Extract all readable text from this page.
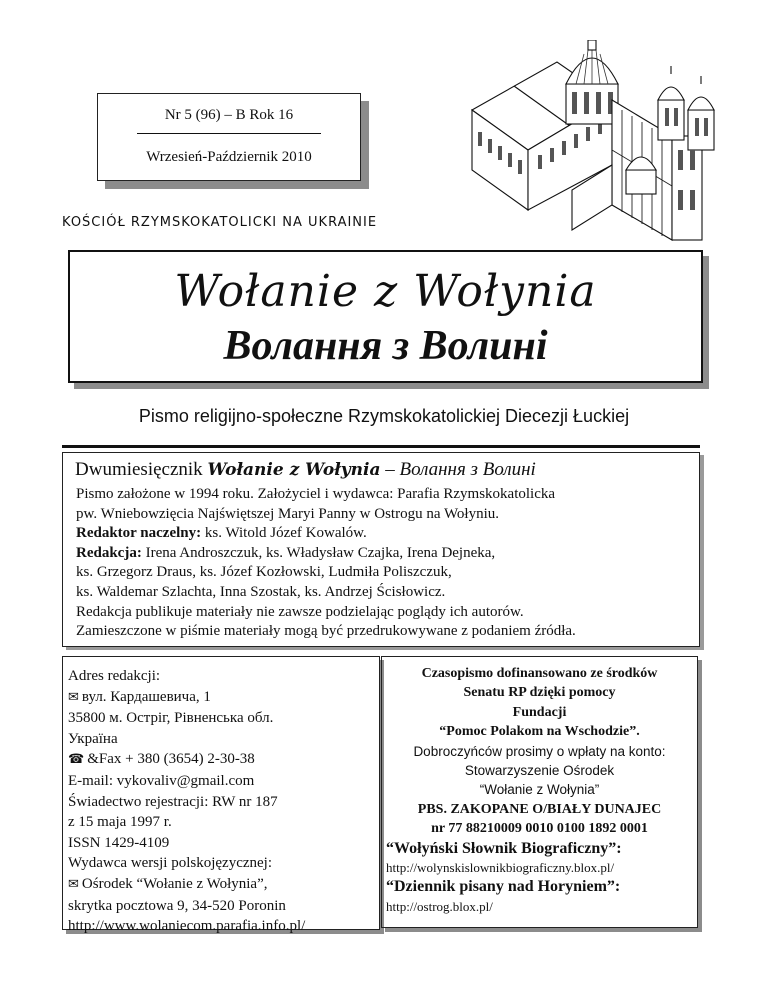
Nr 5 (96) – B Rok 16
Wrzesień-Październik 2010
KOŚCIÓŁ RZYMSKOKATOLICKI NA UKRAINIE
Wołanie z Wołynia
Волання з Волині
Pismo religijno-społeczne Rzymskokatolickiej Diecezji Łuckiej
Dwumiesięcznik Wołanie z Wołynia – Волання з Волині
Pismo założone w 1994 roku. Założyciel i wydawca: Parafia Rzymskokatolicka
pw. Wniebowzięcia Najświętszej Maryi Panny w Ostrogu na Wołyniu.
Redaktor naczelny: ks. Witold Józef Kowalów.
Redakcja: Irena Androszczuk, ks. Władysław Czajka, Irena Dejneka,
ks. Grzegorz Draus, ks. Józef Kozłowski, Ludmiła Poliszczuk,
ks. Waldemar Szlachta, Inna Szostak, ks. Andrzej Ścisłowicz.
Redakcja publikuje materiały nie zawsze podzielając poglądy ich autorów.
Zamieszczone w piśmie materiały mogą być przedrukowywane z podaniem źródła.
Adres redakcji:
✉ вул. Кардашевича, 1
35800 м. Острiг, Рiвненська обл.
Україна
☎ &Fax + 380 (3654) 2-30-38
E-mail: vykovaliv@gmail.com
Świadectwo rejestracji: RW nr 187
z 15 maja 1997 r.
ISSN 1429-4109
Wydawca wersji polskojęzycznej:
✉ Ośrodek “Wołanie z Wołynia”,
skrytka pocztowa 9, 34-520 Poronin
http://www.wolaniecom.parafia.info.pl/
Czasopismo dofinansowano ze środków
Senatu RP dzięki pomocy
Fundacji
“Pomoc Polakom na Wschodzie”.
Dobroczyńców prosimy o wpłaty na konto:
Stowarzyszenie Ośrodek
“Wołanie z Wołynia”
PBS. ZAKOPANE O/BIAŁY DUNAJEC
nr 77 88210009 0010 0100 1892 0001
“Wołyński Słownik Biograficzny”:
http://wolynskislownikbiograficzny.blox.pl/
“Dziennik pisany nad Horyniem”:
http://ostrog.blox.pl/
